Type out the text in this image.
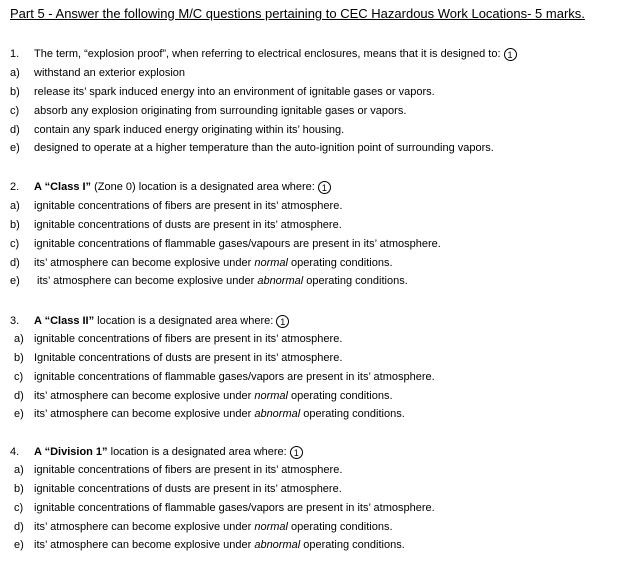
Part 5 - Answer the following M/C questions pertaining to CEC Hazardous Work Locations- 5 marks.
1. The term, “explosion proof”, when referring to electrical enclosures, means that it is designed to: 1
a) withstand an exterior explosion
b) release its’ spark induced energy into an environment of ignitable gases or vapors.
c) absorb any explosion originating from surrounding ignitable gases or vapors.
d) contain any spark induced energy originating within its’ housing.
e) designed to operate at a higher temperature than the auto-ignition point of surrounding vapors.
2. A “Class I” (Zone 0) location is a designated area where: 1
a) ignitable concentrations of fibers are present in its’ atmosphere.
b) ignitable concentrations of dusts are present in its’ atmosphere.
c) ignitable concentrations of flammable gases/vapours are present in its’ atmosphere.
d) its’ atmosphere can become explosive under normal operating conditions.
e) its’ atmosphere can become explosive under abnormal operating conditions.
3. A “Class II” location is a designated area where: 1
a) ignitable concentrations of fibers are present in its’ atmosphere.
b) Ignitable concentrations of dusts are present in its’ atmosphere.
c) ignitable concentrations of flammable gases/vapors are present in its’ atmosphere.
d) its’ atmosphere can become explosive under normal operating conditions.
e) its’ atmosphere can become explosive under abnormal operating conditions.
4. A “Division 1” location is a designated area where: 1
a) ignitable concentrations of fibers are present in its’ atmosphere.
b) ignitable concentrations of dusts are present in its’ atmosphere.
c) ignitable concentrations of flammable gases/vapors are present in its’ atmosphere.
d) its’ atmosphere can become explosive under normal operating conditions.
e) its’ atmosphere can become explosive under abnormal operating conditions.
